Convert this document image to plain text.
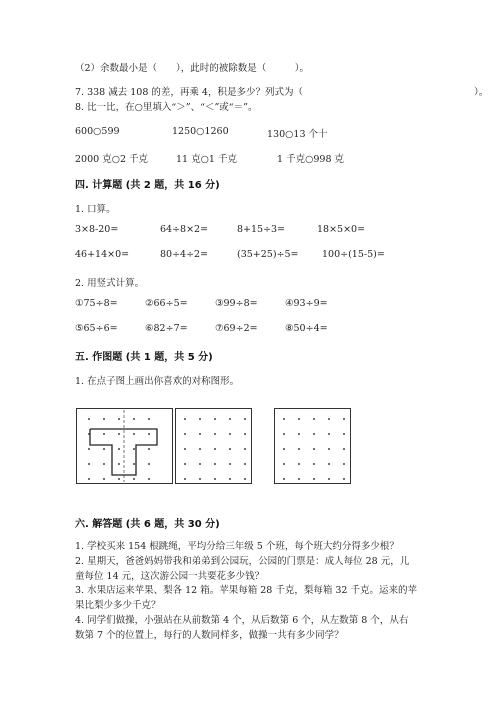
（2）余数最小是（　　），此时的被除数是（　　　）。
7. 338 减去 108 的差，再乘 4，积是多少？列式为（　　　　　　　　　　　　　　　　　　）。
8. 比一比，在○里填入“＞”、“＜”或“＝”。
600○599	1250○1260	130○13 个十
2000 克○2 千克	11 克○1 千克	1 千克○998 克
四. 计算题 (共 2 题，共 16 分)
1. 口算。
3×8-20=	64÷8×2=	8+15÷3=	18×5×0=
46+14×0=	80÷4÷2=	(35+25)÷5= 100÷(15-5)=
2. 用竖式计算。
①75÷8=	②66÷5=	③99÷8=	④93÷9=
⑤65÷6=	⑥82÷7=	⑦69÷2=	⑧50÷4=
五. 作图题 (共 1 题，共 5 分)
1. 在点子图上画出你喜欢的对称图形。
六. 解答题 (共 6 题，共 30 分)
1. 学校买来 154 根跳绳，平均分给三年级 5 个班，每个班大约分得多少根？
2. 星期天，爸爸妈妈带我和弟弟到公园玩，公园的门票是：成人每位 28 元，儿
童每位 14 元，这次游公园一共要花多少钱？
3. 水果店运来苹果、梨各 12 箱。苹果每箱 28 千克，梨每箱 32 千克。运来的苹
果比梨少多少千克？
4. 同学们做操，小强站在从前数第 4 个，从后数第 6 个，从左数第 8 个，从右
数第 7 个的位置上，每行的人数同样多，做操一共有多少同学？
